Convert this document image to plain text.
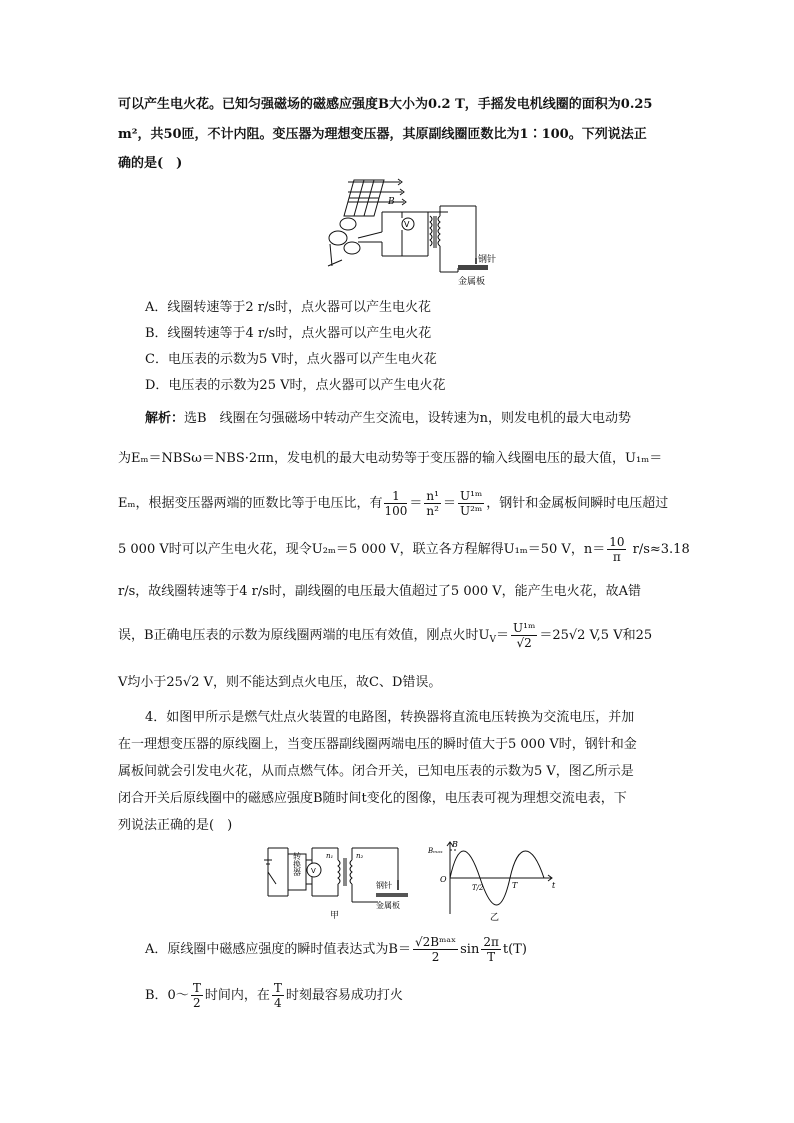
可以产生电火花。已知匀强磁场的磁感应强度B大小为0.2 T，手摇发电机线圈的面积为0.25
m²，共50匝，不计内阻。变压器为理想变压器，其原副线圈匝数比为1∶100。下列说法正
确的是(　)
B
V
钢针
金属板
A．线圈转速等于2 r/s时，点火器可以产生电火花
B．线圈转速等于4 r/s时，点火器可以产生电火花
C．电压表的示数为5 V时，点火器可以产生电火花
D．电压表的示数为25 V时，点火器可以产生电火花
解析：选B　线圈在匀强磁场中转动产生交流电，设转速为n，则发电机的最大电动势
为Eₘ＝NBSω＝NBS·2πn，发电机的最大电动势等于变压器的输入线圈电压的最大值，U₁ₘ＝
Eₘ，根据变压器两端的匝数比等于电压比，有 $\frac{1}{100} = \frac{\text{n¹}}{\text{n²}} = \frac{\text{U¹ᵐ}}{\text{U²ᵐ}}$ ，钢针和金属板间瞬时电压超过
5 000 V时可以产生电火花，现令U₂ₘ＝5 000 V，联立各方程解得U₁ₘ＝50 V，$n= \frac{10}{\pi} r/s\approx 3.18$
r/s，故线圈转速等于4 r/s时，副线圈的电压最大值超过了5 000 V，能产生电火花，故A错
误，B正确电压表的示数为原线圈两端的电压有效值，刚点火时$U_V= \frac{\text{U¹ᵐ}}{√2} =25√2$ V,5 V和25
V均小于25√2 V，则不能达到点火电压，故C、D错误。
4．如图甲所示是燃气灶点火装置的电路图，转换器将直流电压转换为交流电压，并加
在一理想变压器的原线圈上，当变压器副线圈两端电压的瞬时值大于5 000 V时，钢针和金
属板间就会引发电火花，从而点燃气体。闭合开关，已知电压表的示数为5 V，图乙所示是
闭合开关后原线圈中的磁感应强度B随时间t变化的图像，电压表可视为理想交流电表，下
列说法正确的是(　)
转换器 V
n₁	n₂
钢针
金属板
甲
Bₘₐₓ
B
O
t
T/2	T
乙
A．原线圈中磁感应强度的瞬时值表达式为$B= \frac{\text{√2Bᵐᵃˣ}}{2}$ $\sin \frac{2\pi}{T} t(T)$
B．0～ $\frac{T}{2}$ 时间内，在 $\frac{T}{4}$ 时刻最容易成功打火
